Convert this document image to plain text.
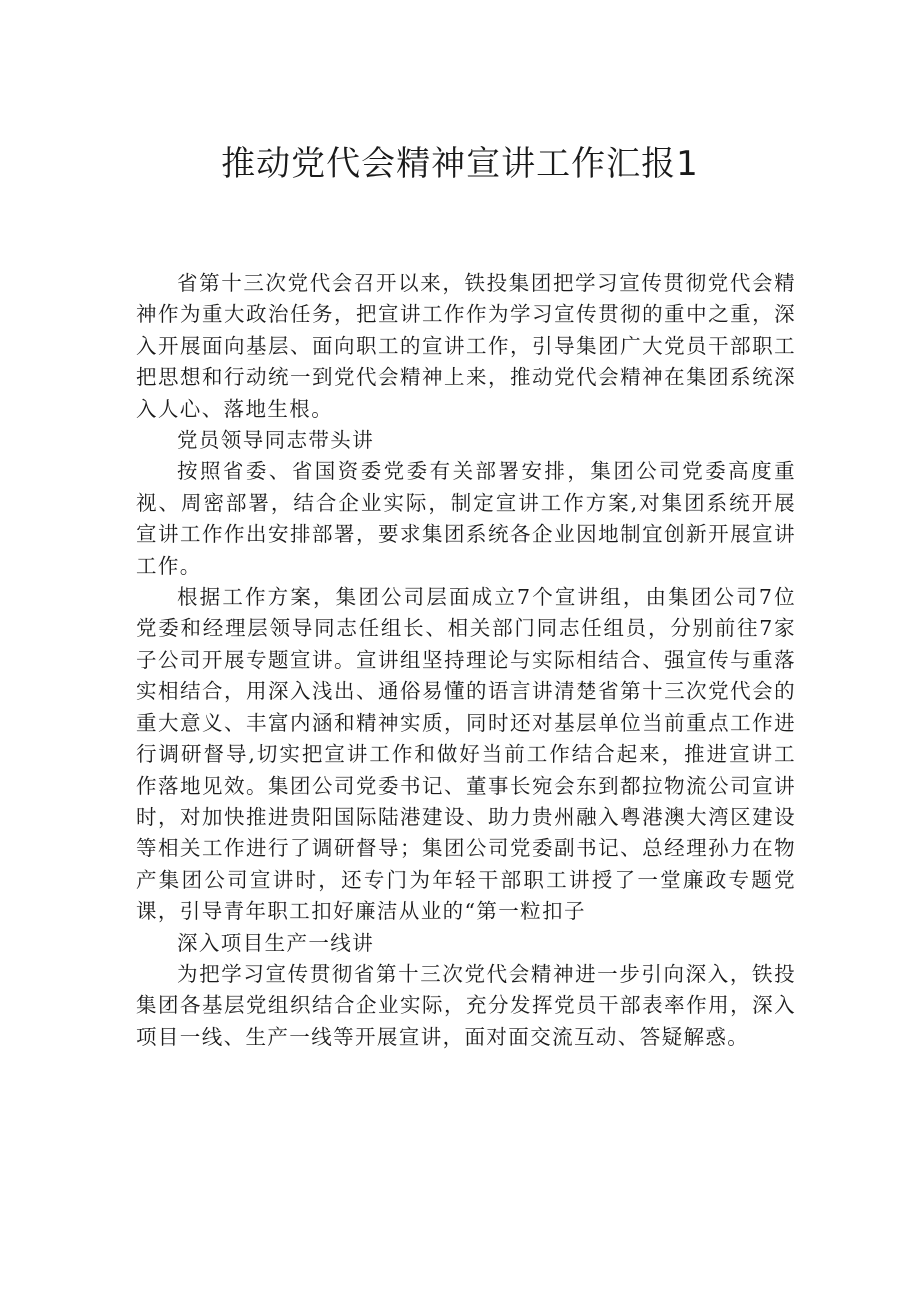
推动党代会精神宣讲工作汇报1

省第十三次党代会召开以来，铁投集团把学习宣传贯彻党代会精神作为重大政治任务，把宣讲工作作为学习宣传贯彻的重中之重，深入开展面向基层、面向职工的宣讲工作，引导集团广大党员干部职工把思想和行动统一到党代会精神上来，推动党代会精神在集团系统深入人心、落地生根。

党员领导同志带头讲

按照省委、省国资委党委有关部署安排，集团公司党委高度重视、周密部署，结合企业实际，制定宣讲工作方案,对集团系统开展宣讲工作作出安排部署，要求集团系统各企业因地制宜创新开展宣讲工作。

根据工作方案，集团公司层面成立7个宣讲组，由集团公司7位党委和经理层领导同志任组长、相关部门同志任组员，分别前往7家子公司开展专题宣讲。宣讲组坚持理论与实际相结合、强宣传与重落实相结合，用深入浅出、通俗易懂的语言讲清楚省第十三次党代会的重大意义、丰富内涵和精神实质，同时还对基层单位当前重点工作进行调研督导,切实把宣讲工作和做好当前工作结合起来，推进宣讲工作落地见效。集团公司党委书记、董事长宛会东到都拉物流公司宣讲时，对加快推进贵阳国际陆港建设、助力贵州融入粤港澳大湾区建设等相关工作进行了调研督导；集团公司党委副书记、总经理孙力在物产集团公司宣讲时，还专门为年轻干部职工讲授了一堂廉政专题党课，引导青年职工扣好廉洁从业的“第一粒扣子

深入项目生产一线讲

为把学习宣传贯彻省第十三次党代会精神进一步引向深入，铁投集团各基层党组织结合企业实际，充分发挥党员干部表率作用，深入项目一线、生产一线等开展宣讲，面对面交流互动、答疑解惑。
